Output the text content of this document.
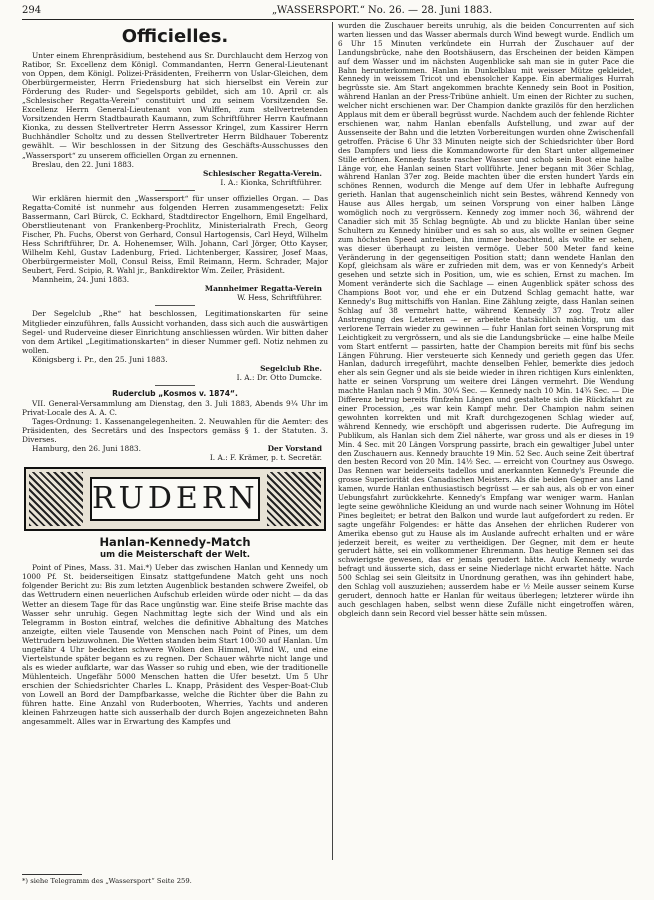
294	„WASSERSPORT.“ No. 26. — 28. Juni 1883.
Officielles.

Unter einem Ehrenpräsidium, bestehend aus Sr. Durchlaucht dem Herzog von Ratibor, Sr. Excellenz dem Königl. Commandanten, Herrn General-Lieutenant von Oppen, dem Königl. Polizei-Präsidenten, Freiherrn von Uslar-Gleichen, dem Oberbürgermeister, Herrn Friedensburg hat sich hierselbst ein Verein zur Förderung des Ruder- und Segelsports gebildet, sich am 10. April cr. als „Schlesischer Regatta-Verein“ constituirt und zu seinem Vorsitzenden Se. Excellenz Herrn General-Lieutenant von Wulffen, zum stellvertretenden Vorsitzenden Herrn Stadtbaurath Kaumann, zum Schriftführer Herrn Kaufmann Kionka, zu dessen Stellvertreter Herrn Assessor Kringel, zum Kassirer Herrn Buchhändler Scholtz und zu dessen Stellvertreter Herrn Bildhauer Toberentz gewählt. — Wir beschlossen in der Sitzung des Geschäfts-Ausschusses den „Wassersport“ zu unserem officiellen Organ zu ernennen.

Breslau, den 22. Juni 1883.

Schlesischer Regatta-Verein.
I. A.: Kionka, Schriftführer.

Wir erklären hiermit den „Wassersport“ für unser offizielles Organ. — Das Regatta-Comité ist nunmehr aus folgenden Herren zusammengesetzt: Felix Bassermann, Carl Bürck, C. Eckhard, Stadtdirector Engelhorn, Emil Engelhard, Oberstlieutenant von Frankenberg-Prochlitz, Ministerialrath Frech, Georg Fischer, Ph. Fuchs, Oberst von Gerhard, Consul Hartogensis, Carl Heyd, Wilhelm Hess Schriftführer, Dr. A. Hohenemser, Wilh. Johann, Carl Jörger, Otto Kayser, Wilhelm Kehl, Gustav Ladenburg, Fried. Lichtenberger, Kassirer, Josef Maas, Oberbürgermeister Moll, Consul Reiss, Emil Reimann, Herm. Schrader, Major Seubert, Ferd. Scipio, R. Wahl jr., Bankdirektor Wm. Zeiler, Präsident.

Mannheim, 24. Juni 1883.

Mannheimer Regatta-Verein
W. Hess, Schriftführer.

Der Segelclub „Rhe“ hat beschlossen, Legitimationskarten für seine Mitglieder einzuführen, falls Aussicht vorhanden, dass sich auch die auswärtigen Segel- und Ruderveine dieser Einrichtung anschliessen würden. Wir bitten daher von dem Artikel „Legitimationskarten“ in dieser Nummer gefl. Notiz nehmen zu wollen.

Königsberg i. Pr., den 25. Juni 1883.

Segelclub Rhe.
I. A.: Dr. Otto Dumcke.
Ruderclub „Kosmos v. 1874“.

VII. General-Versammlung am Dienstag, den 3. Juli 1883, Abends 9¼ Uhr im Privat-Locale des A. A. C.

Tages-Ordnung: 1. Kassenangelegenheiten. 2. Neuwahlen für die Aemter: des Präsidenten, des Secretärs und des Inspectors gemäss § 1. der Statuten. 3. Diverses.

Hamburg, den 26. Juni 1883.	Der Vorstand
I. A.: F. Krämer, p. t. Secretär.
RUDERN
Hanlan-Kennedy-Match
um die Meisterschaft der Welt.

Point of Pines, Mass. 31. Mai.*) Ueber das zwischen Hanlan und Kennedy um 1000 Pf. St. beiderseitigen Einsatz stattgefundene Match geht uns noch folgender Bericht zu: Bis zum letzten Augenblick bestanden schwere Zweifel, ob das Wettrudern einen neuerlichen Aufschub erleiden würde oder nicht — da das Wetter an diesem Tage für das Race ungünstig war. Eine steife Brise machte das Wasser sehr unruhig. Gegen Nachmittag legte sich der Wind und als ein Telegramm in Boston eintraf, welches die definitive Abhaltung des Matches anzeigte, eilten viele Tausende von Menschen nach Point of Pines, um dem Wettrudern beizuwohnen. Die Wetten standen beim Start 100:30 auf Hanlan. Um ungefähr 4 Uhr bedeckten schwere Wolken den Himmel, Wind W., und eine Viertelstunde später begann es zu regnen. Der Schauer währte nicht lange und als es wieder aufklarte, war das Wasser so ruhig und eben, wie der traditionelle Mühlenteich. Ungefähr 5000 Menschen hatten die Ufer besetzt. Um 5 Uhr erschien der Schiedsrichter Charles L. Knapp, Präsident des Vesper-Boat-Club von Lowell an Bord der Dampfbarkasse, welche die Richter über die Bahn zu führen hatte. Eine Anzahl von Ruderbooten, Wherries, Yachts und anderen kleinen Fahrzeugen hatte sich ausserhalb der durch Bojen angezeichneten Bahn angesammelt. Alles war in Erwartung des Kampfes und

wurden die Zuschauer bereits unruhig, als die beiden Concurrenten auf sich warten liessen und das Wasser abermals durch Wind bewegt wurde. Endlich um 6 Uhr 15 Minuten verkündete ein Hurrah der Zuschauer auf der Landungsbrücke, nahe den Bootshäusern, das Erscheinen der beiden Kämpen auf dem Wasser und im nächsten Augenblicke sah man sie in guter Pace die Bahn herunterkommen. Hanlan in Dunkelblau mit weisser Mütze gekleidet, Kennedy in weissem Tricot und ebensolcher Kappe. Ein abermaliges Hurrah begrüsste sie. Am Start angekommen brachte Kennedy sein Boot in Position, während Hanlan an der Press-Tribüne anhielt. Um einen der Richter zu suchen, welcher nicht erschienen war. Der Champion dankte grazilös für den herzlichen Applaus mit dem er überall begrüsst wurde. Nachdem auch der fehlende Richter erschienen war, nahm Hanlan ebenfalls Aufstellung, und zwar auf der Aussenseite der Bahn und die letzten Vorbereitungen wurden ohne Zwischenfall getroffen. Präcise 6 Uhr 33 Minuten neigte sich der Schiedsrichter über Bord des Dampfers und liess die Kommandoworte für den Start unter allgemeiner Stille ertönen. Kennedy fasste rascher Wasser und schob sein Boot eine halbe Länge vor, ehe Hanlan seinen Start vollführte. Jener begann mit 36er Schlag, während Hanlan 37er zog. Beide machten über die ersten hundert Yards ein schönes Rennen, wodurch die Menge auf dem Ufer in lebhafte Aufregung gerieth. Hanlan that augenscheinlich nicht sein Bestes, während Kennedy von Hause aus Alles hergab, um seinen Vorsprung von einer halben Länge womöglich noch zu vergrössern. Kennedy zog immer noch 36, während der Canadier sich mit 35 Schlag begnügte. Ab und zu blickte Hanlan über seine Schultern zu Kennedy hinüber und es sah so aus, als wollte er seinen Gegner zum höchsten Speed antreiben, ihn immer beobachtend, als wollte er sehen, was dieser überhaupt zu leisten vermöge. Ueber 500 Meter fand keine Veränderung in der gegenseitigen Position statt; dann wendete Hanlan den Kopf, gleichsam als wäre er zufrieden mit dem, was er von Kennedy's Arbeit gesehen und setzte sich in Position, um, wie es schien, Ernst zu machen. Im Moment veränderte sich die Sachlage — einen Augenblick später schoss des Champions Boot vor, und ehe er ein Dutzend Schlag gemacht hatte, war Kennedy's Bug mittschiffs von Hanlan. Eine Zählung zeigte, dass Hanlan seinen Schlag auf 38 vermehrt hatte, während Kennedy 37 zog. Trotz aller Anstrengung des Letzteren — er arbeitete thatsächlich mächtig, um das verlorene Terrain wieder zu gewinnen — fuhr Hanlan fort seinen Vorsprung mit Leichtigkeit zu vergrössern, und als sie die Landungsbrücke — eine halbe Meile vom Start entfernt — passirten, hatte der Champion bereits mit fünf bis sechs Längen Führung. Hier versteuerte sich Kennedy und gerieth gegen das Ufer. Hanlan, dadurch irregeführt, machte denselben Fehler, bemerkte dies jedoch eher als sein Gegner und als sie beide wieder in ihren richtigen Kurs einlenkten, hatte er seinen Vorsprung um weitere drei Längen vermehrt. Die Wendung machte Hanlan nach 9 Min. 30¼ Sec. — Kennedy nach 10 Min. 14¾ Sec. — Die Differenz betrug bereits fünfzehn Längen und gestaltete sich die Rückfahrt zu einer Procession, „es war kein Kampf mehr. Der Champion nahm seinen gewohnten korrekten und mit Kraft durchgezogenen Schlag wieder auf, während Kennedy, wie erschöpft und abgerissen ruderte. Die Aufregung im Publikum, als Hanlan sich dem Ziel näherte, war gross und als er dieses in 19 Min. 4 Sec. mit 20 Längen Vorsprung passirte, brach ein gewaltiger Jubel unter den Zuschauern aus. Kennedy brauchte 19 Min. 52 Sec. Auch seine Zeit übertraf den besten Record von 20 Min. 14½ Sec. — erreicht von Courtney aus Oswego. Das Rennen war beiderseits tadellos und anerkannten Kennedy's Freunde die grosse Superiorität des Canadischen Meisters. Als die beiden Gegner ans Land kamen, wurde Hanlan enthusiastisch begrüsst — er sah aus, als ob er von einer Uebungsfahrt zurückkehrte. Kennedy's Empfang war weniger warm. Hanlan legte seine gewöhnliche Kleidung an und wurde nach seiner Wohnung im Hôtel Pines begleitet; er betrat den Balkon und wurde laut aufgefordert zu reden. Er sagte ungefähr Folgendes: er hätte das Ansehen der ehrlichen Ruderer von Amerika ebenso gut zu Hause als im Auslande aufrecht erhalten und er wäre jederzeit bereit, es weiter zu vertheidigen. Der Gegner, mit dem er heute gerudert hätte, sei ein vollkommener Ehrenmann. Das heutige Rennen sei das schwierigste gewesen, das er jemals gerudert hätte. Auch Kennedy wurde befragt und äusserte sich, dass er seine Niederlage nicht erwartet hätte. Nach 500 Schlag sei sein Gleitsitz in Unordnung gerathen, was ihn gehindert habe, den Schlag voll auszuziehen; ausserdem habe er ½ Meile ausser seinem Kurse gerudert, dennoch hatte er Hanlan für weitaus überlegen; letzterer würde ihn auch geschlagen haben, selbst wenn diese Zufälle nicht eingetroffen wären, obgleich dann sein Record viel besser hätte sein müssen.

*) siehe Telegramm des „Wassersport“ Seite 259.
